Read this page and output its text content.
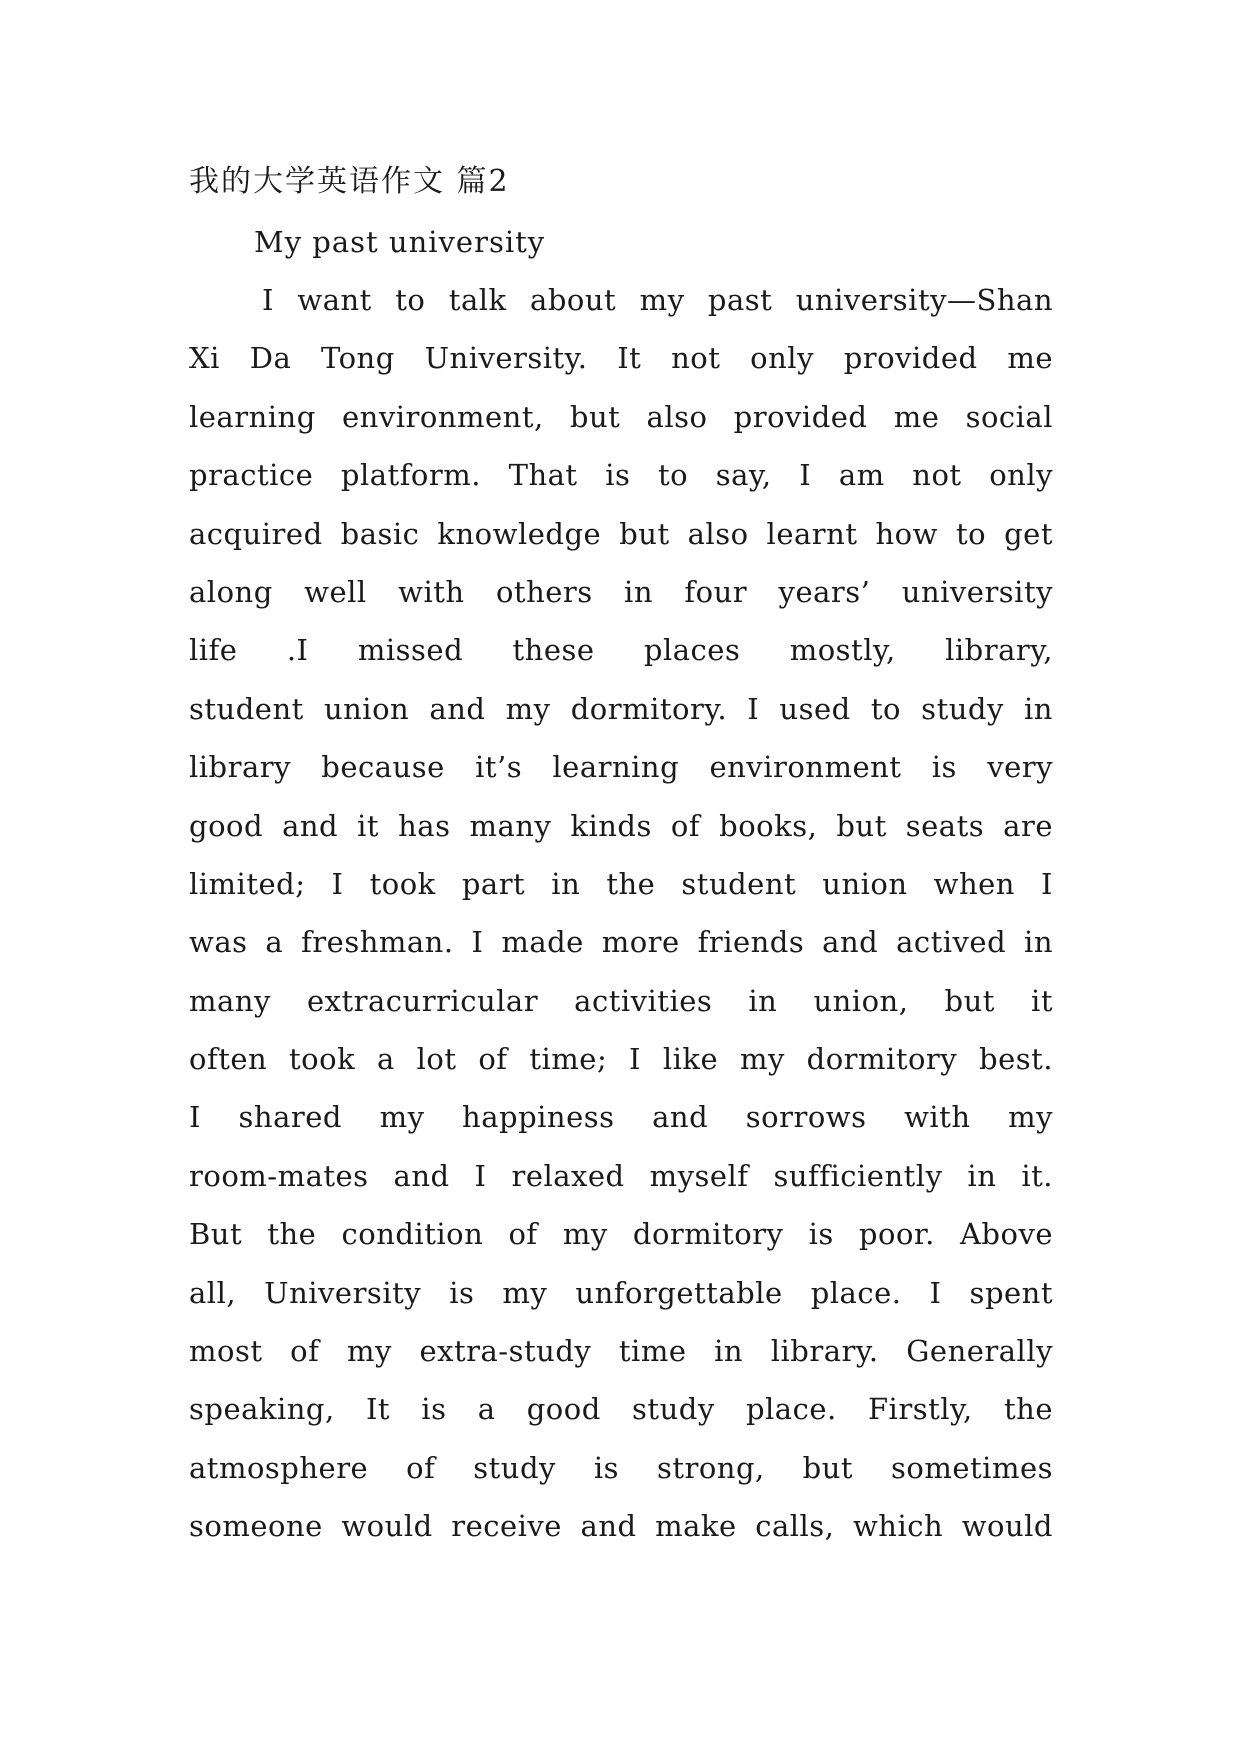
我的大学英语作文 篇2
My past university
I want to talk about my past university—Shan
Xi Da Tong University. It not only provided me
learning environment, but also provided me social
practice platform. That is to say, I am not only
acquired basic knowledge but also learnt how to get
along well with others in four years’ university
life .I missed these places mostly, library,
student union and my dormitory. I used to study in
library because it’s learning environment is very
good and it has many kinds of books, but seats are
limited; I took part in the student union when I
was a freshman. I made more friends and actived in
many extracurricular activities in union, but it
often took a lot of time; I like my dormitory best.
I shared my happiness and sorrows with my
room-mates and I relaxed myself sufficiently in it.
But the condition of my dormitory is poor. Above
all, University is my unforgettable place. I spent
most of my extra-study time in library. Generally
speaking, It is a good study place. Firstly, the
atmosphere of study is strong, but sometimes
someone would receive and make calls, which would
